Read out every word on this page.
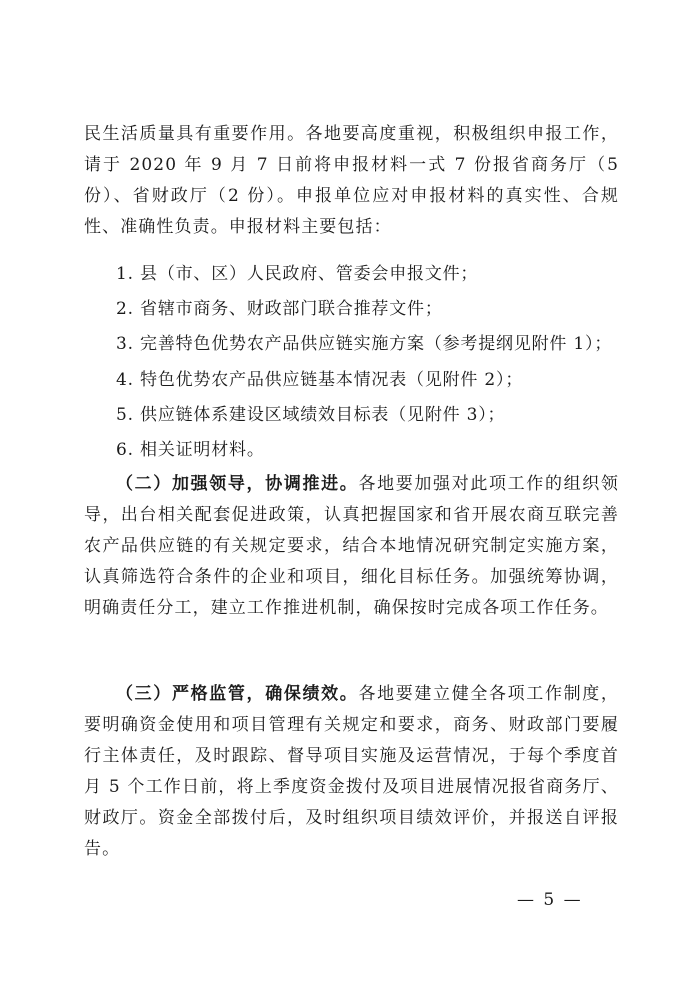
民生活质量具有重要作用。各地要高度重视，积极组织申报工作，请于 2020 年 9 月 7 日前将申报材料一式 7 份报省商务厅（5份）、省财政厅（2 份）。申报单位应对申报材料的真实性、合规性、准确性负责。申报材料主要包括：
1. 县（市、区）人民政府、管委会申报文件；
2. 省辖市商务、财政部门联合推荐文件；
3. 完善特色优势农产品供应链实施方案（参考提纲见附件 1）；
4. 特色优势农产品供应链基本情况表（见附件 2）；
5. 供应链体系建设区域绩效目标表（见附件 3）；
6. 相关证明材料。
（二）加强领导，协调推进。各地要加强对此项工作的组织领导，出台相关配套促进政策，认真把握国家和省开展农商互联完善农产品供应链的有关规定要求，结合本地情况研究制定实施方案，认真筛选符合条件的企业和项目，细化目标任务。加强统筹协调，明确责任分工，建立工作推进机制，确保按时完成各项工作任务。
（三）严格监管，确保绩效。各地要建立健全各项工作制度，要明确资金使用和项目管理有关规定和要求，商务、财政部门要履行主体责任，及时跟踪、督导项目实施及运营情况，于每个季度首月 5 个工作日前，将上季度资金拨付及项目进展情况报省商务厅、财政厅。资金全部拨付后，及时组织项目绩效评价，并报送自评报告。
— 5 —
